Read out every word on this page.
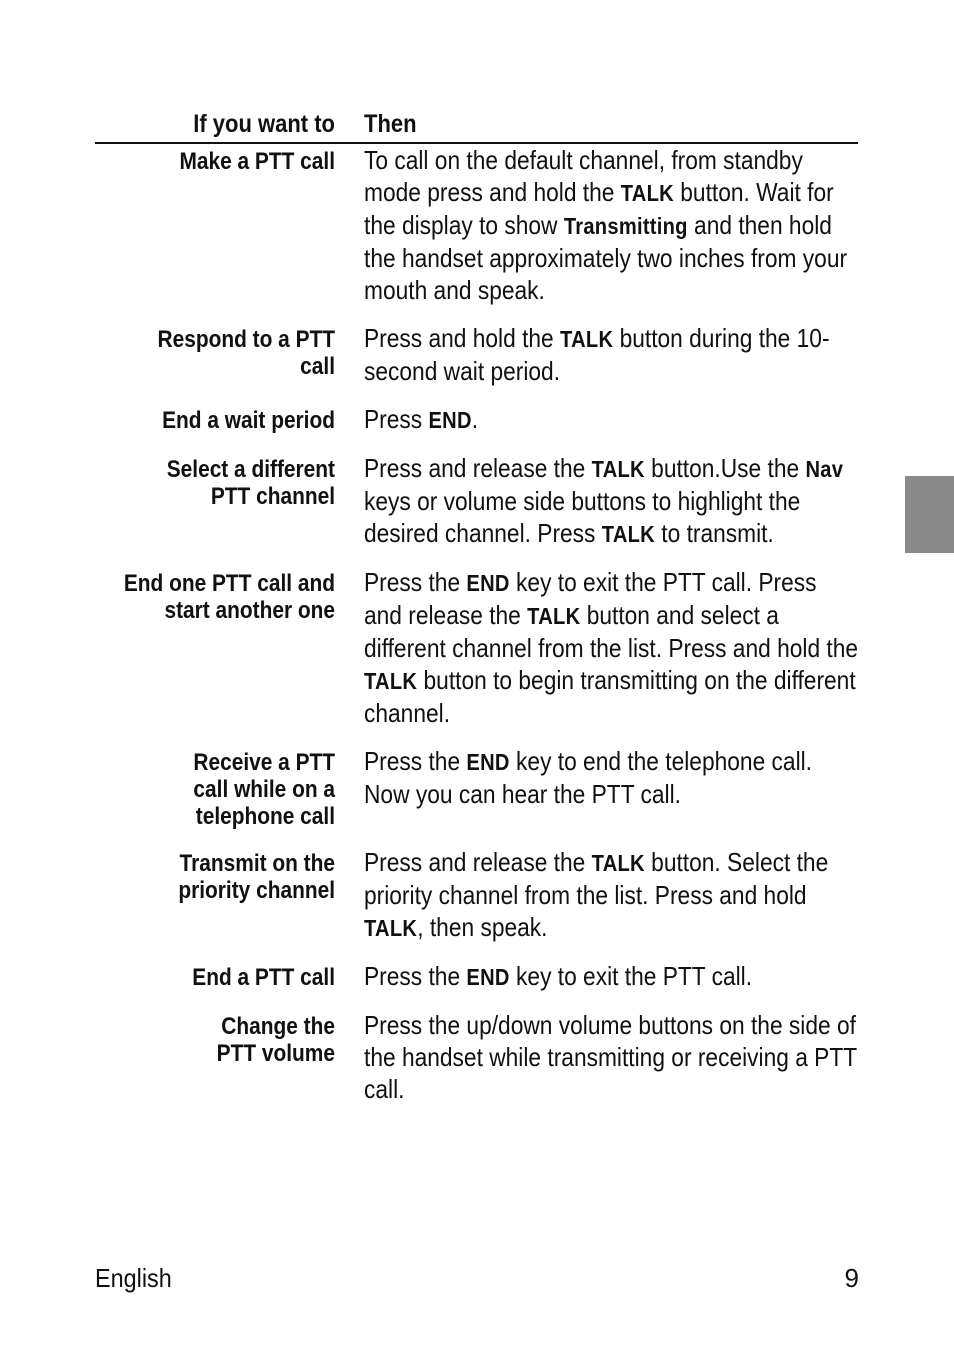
If you want to Then
Make a PTT call To call on the default channel, from standby mode press and hold the TALK button. Wait for the display to show Transmitting and then hold the handset approximately two inches from your mouth and speak.
Respond to a PTT
call
Press and hold the TALK button during the 10-second wait period.
End a wait period Press END.
Select a different
PTT channel
Press and release the TALK button.Use the Nav keys or volume side buttons to highlight the desired channel. Press TALK to transmit.
End one PTT call and
start another one
Press the END key to exit the PTT call. Press and release the TALK button and select a different channel from the list. Press and hold the TALK button to begin transmitting on the different channel.
Receive a PTT
call while on a
telephone call
Press the END key to end the telephone call. Now you can hear the PTT call.
Transmit on the
priority channel
Press and release the TALK button. Select the priority channel from the list. Press and hold TALK, then speak.
End a PTT call Press the END key to exit the PTT call.
Change the
PTT volume
Press the up/down volume buttons on the side of the handset while transmitting or receiving a PTT call.
English	9
